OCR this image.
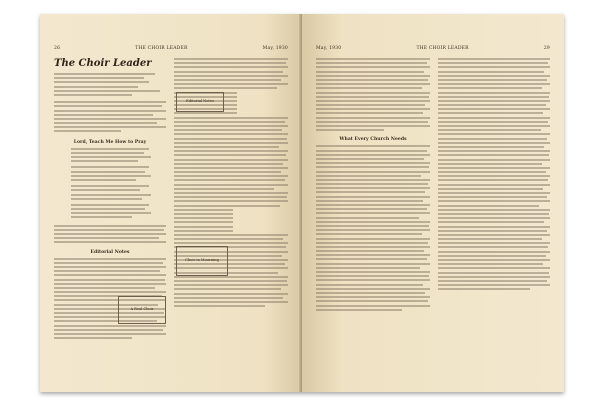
26	THE CHOIR LEADER	May, 1930
The Choir Leader
Lord, Teach Me How to Pray
Editorial Notes
Editorial Notes
Choir in Mourning
A Real Choir
May, 1930	THE CHOIR LEADER	29
What Every Church Needs
